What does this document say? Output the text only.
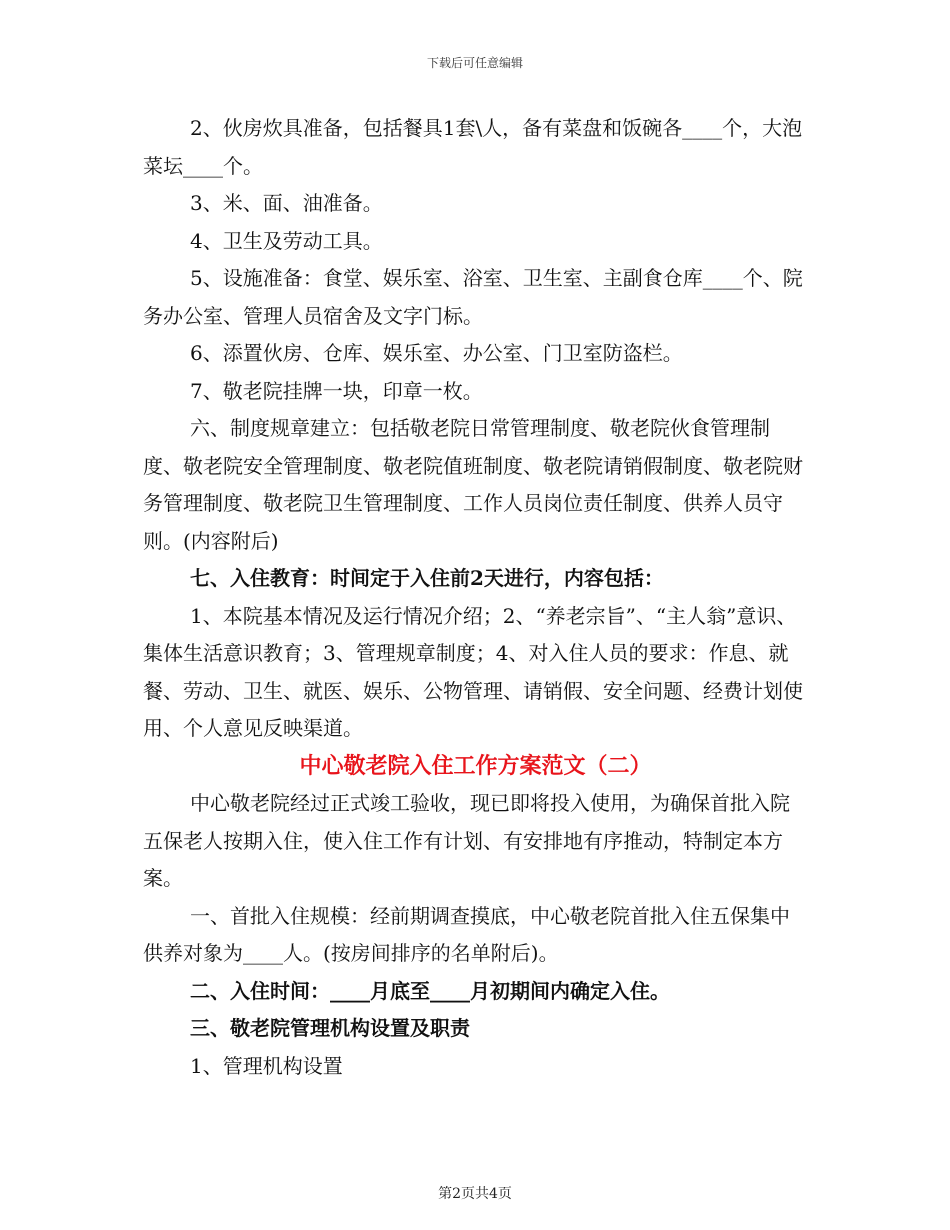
下载后可任意编辑

2、伙房炊具准备，包括餐具1套\人，备有菜盘和饭碗各____个，大泡菜坛____个。

3、米、面、油准备。

4、卫生及劳动工具。

5、设施准备：食堂、娱乐室、浴室、卫生室、主副食仓库____个、院务办公室、管理人员宿舍及文字门标。

6、添置伙房、仓库、娱乐室、办公室、门卫室防盗栏。

7、敬老院挂牌一块，印章一枚。

六、制度规章建立：包括敬老院日常管理制度、敬老院伙食管理制度、敬老院安全管理制度、敬老院值班制度、敬老院请销假制度、敬老院财务管理制度、敬老院卫生管理制度、工作人员岗位责任制度、供养人员守则。(内容附后)

七、入住教育：时间定于入住前2天进行，内容包括：

1、本院基本情况及运行情况介绍；2、“养老宗旨”、“主人翁”意识、集体生活意识教育；3、管理规章制度；4、对入住人员的要求：作息、就餐、劳动、卫生、就医、娱乐、公物管理、请销假、安全问题、经费计划使用、个人意见反映渠道。

中心敬老院入住工作方案范文（二）

中心敬老院经过正式竣工验收，现已即将投入使用，为确保首批入院五保老人按期入住，使入住工作有计划、有安排地有序推动，特制定本方案。

一、首批入住规模：经前期调查摸底，中心敬老院首批入住五保集中供养对象为____人。(按房间排序的名单附后)。

二、入住时间：____月底至____月初期间内确定入住。

三、敬老院管理机构设置及职责

1、管理机构设置

第2页共4页
